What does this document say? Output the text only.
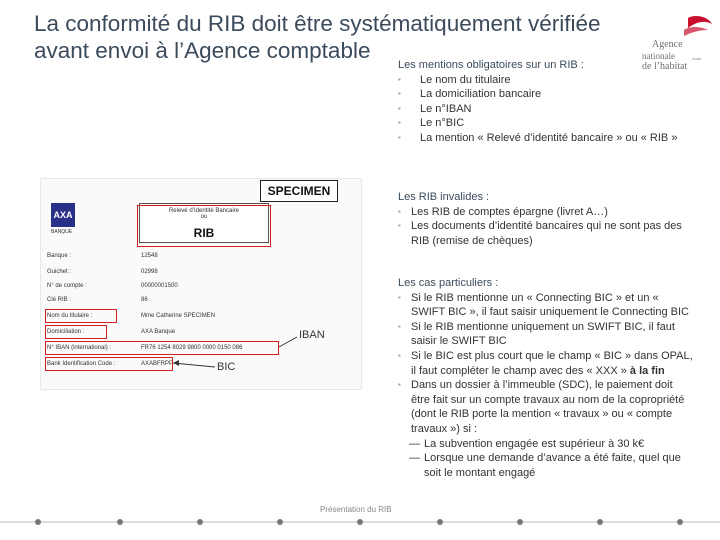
La conformité du RIB doit être systématiquement vérifiée
avant envoi à l’Agence comptable	Agence
nationale
de l’habitat
Anah
Les mentions obligatoires sur un RIB :
▪ Le nom du titulaire
▪ La domiciliation bancaire
▪ Le n°IBAN
▪ Le n°BIC
▪ La mention « Relevé d’identité bancaire » ou « RIB »
Les RIB invalides :
▪ Les RIB de comptes épargne (livret A…)
▪ Les documents d’identité bancaires qui ne sont pas des RIB (remise de chèques)
Les cas particuliers :
▪ Si le RIB mentionne un « Connecting BIC » et un « SWIFT BIC », il faut saisir uniquement le Connecting BIC
▪ Si le RIB mentionne uniquement un SWIFT BIC, il faut saisir le SWIFT BIC
▪ Si le BIC est plus court que le champ « BIC » dans OPAL, il faut compléter le champ avec des « XXX » à la fin
▪ Dans un dossier à l’immeuble (SDC), le paiement doit être fait sur un compte travaux au nom de la copropriété (dont le RIB porte la mention « travaux » ou « compte travaux ») si :
— La subvention engagée est supérieur à 30 k€
— Lorsque une demande d’avance a été faite, quel que soit le montant engagé
AXA
BANQUE
Relevé d’Identité Bancaire
ou
RIB
Banque :	12548
Guichet :	02998
N° de compte :	00000001500
Clé RIB :	86
Nom du titulaire :	Mme Catherine SPECIMEN
Domiciliation :	AXA Banque
N° IBAN (international) :	FR76 1254 8029 9800 0000 0150 086
Bank Identification Code :	AXABFRPP
IBAN
BIC
SPECIMEN
Présentation du RIB
